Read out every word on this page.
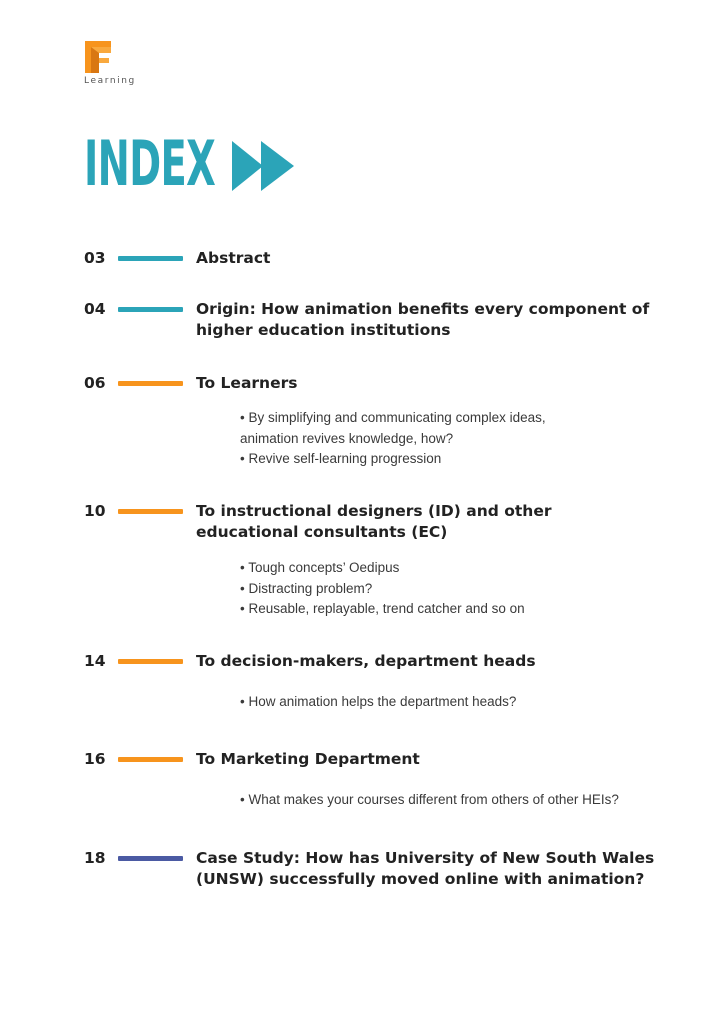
Learning
INDEX
03	Abstract
04	Origin: How animation benefits every component of higher education institutions
06	To Learners
• By simplifying and communicating complex ideas,
animation revives knowledge, how?
• Revive self-learning progression
10	To instructional designers (ID) and other educational consultants (EC)
• Tough concepts’ Oedipus
• Distracting problem?
• Reusable, replayable, trend catcher and so on
14	To decision-makers, department heads
• How animation helps the department heads?
16	To Marketing Department
• What makes your courses different from others of other HEIs?
18	Case Study: How has University of New South Wales (UNSW) successfully moved online with animation?
